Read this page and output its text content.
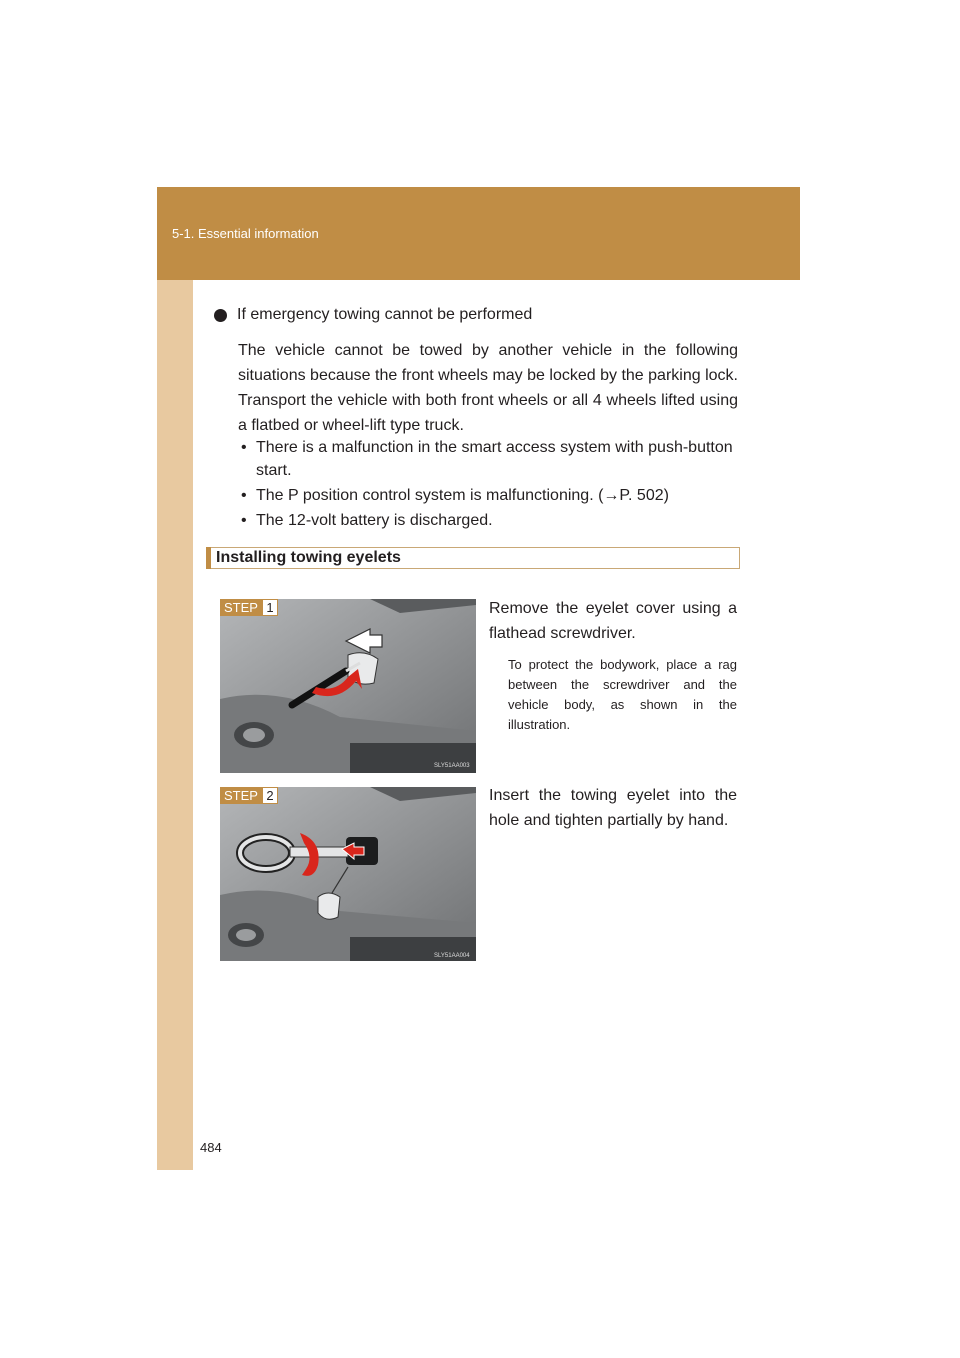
5-1. Essential information
If emergency towing cannot be performed
The vehicle cannot be towed by another vehicle in the following situations because the front wheels may be locked by the parking lock. Transport the vehicle with both front wheels or all 4 wheels lifted using a flatbed or wheel-lift type truck.
• There is a malfunction in the smart access system with push-button start.
• The P position control system is malfunctioning. (→P. 502)
• The 12-volt battery is discharged.
Installing towing eyelets
SLY51AA003
STEP 1	Remove the eyelet cover using a flathead screwdriver.
To protect the bodywork, place a rag between the screwdriver and the vehicle body, as shown in the illustration.
SLY51AA004
STEP 2	Insert the towing eyelet into the hole and tighten partially by hand.
484
